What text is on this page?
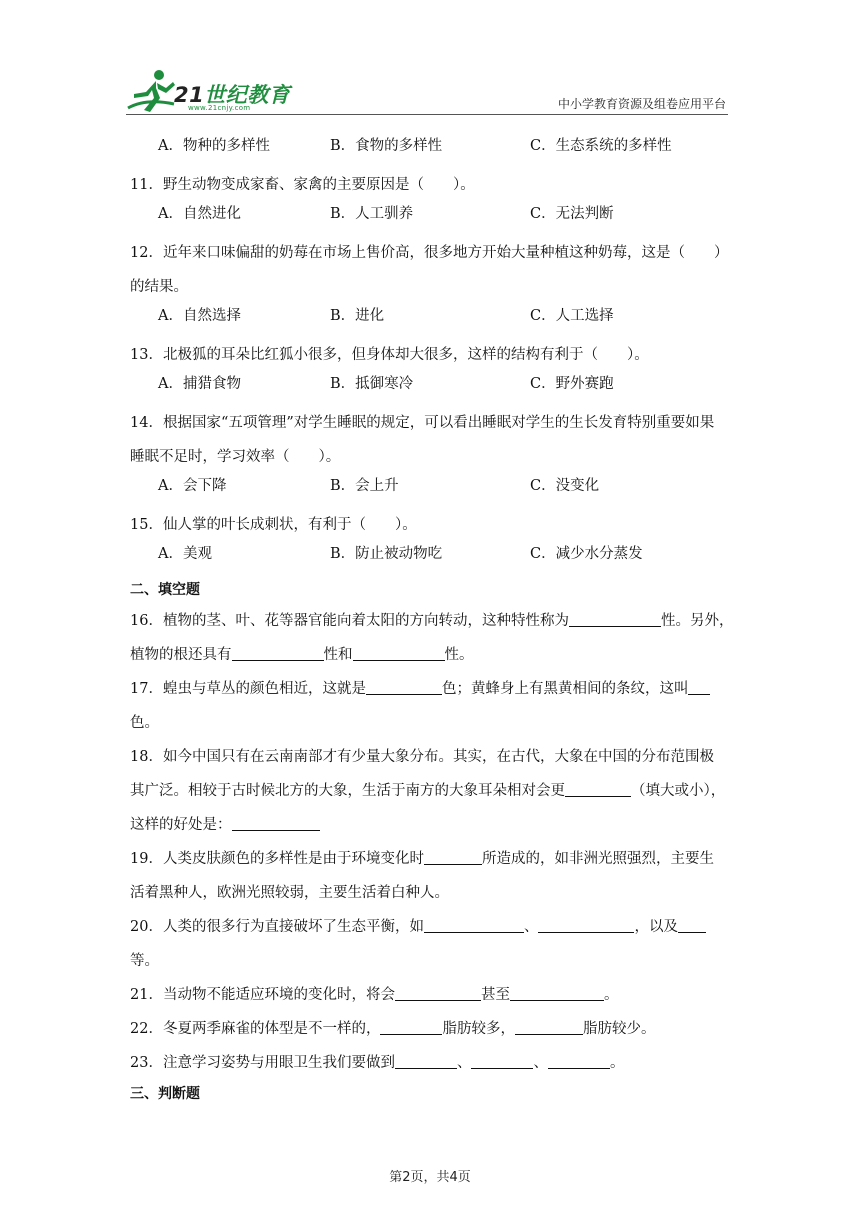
21世纪教育
www.21cnjy.com	中小学教育资源及组卷应用平台
A．物种的多样性	B．食物的多样性	C．生态系统的多样性
11．野生动物变成家畜、家禽的主要原因是（　　）。
A．自然进化	B．人工驯养	C．无法判断
12．近年来口味偏甜的奶莓在市场上售价高，很多地方开始大量种植这种奶莓，这是（　　）
的结果。
A．自然选择	B．进化	C．人工选择
13．北极狐的耳朵比红狐小很多，但身体却大很多，这样的结构有利于（　　）。
A．捕猎食物	B．抵御寒冷	C．野外赛跑
14．根据国家“五项管理”对学生睡眠的规定，可以看出睡眠对学生的生长发育特别重要如果
睡眠不足时，学习效率（　　）。
A．会下降	B．会上升	C．没变化
15．仙人掌的叶长成刺状，有利于（　　）。
A．美观	B．防止被动物吃	C．减少水分蒸发
二、填空题
16．植物的茎、叶、花等器官能向着太阳的方向转动，这种特性称为	性。另外，
植物的根还具有	性和	性。
17．蝗虫与草丛的颜色相近，这就是	色；黄蜂身上有黑黄相间的条纹，这叫
色。
18．如今中国只有在云南南部才有少量大象分布。其实，在古代，大象在中国的分布范围极
其广泛。相较于古时候北方的大象，生活于南方的大象耳朵相对会更	（填大或小），
这样的好处是：
19．人类皮肤颜色的多样性是由于环境变化时	所造成的，如非洲光照强烈，主要生
活着黑种人，欧洲光照较弱，主要生活着白种人。
20．人类的很多行为直接破坏了生态平衡，如	、	，以及
等。
21．当动物不能适应环境的变化时，将会	甚至	。
22．冬夏两季麻雀的体型是不一样的，	脂肪较多，	脂肪较少。
23．注意学习姿势与用眼卫生我们要做到	、	、	。
三、判断题
第2页，共4页
